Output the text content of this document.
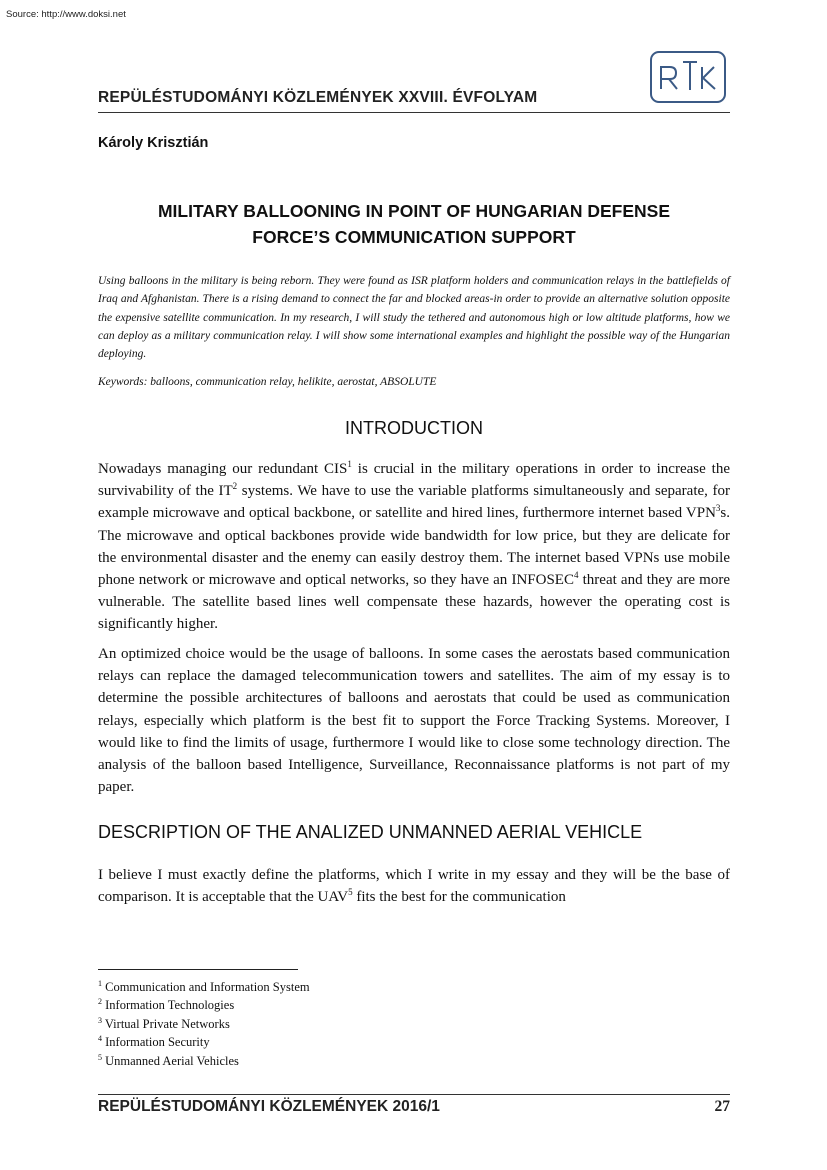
Source: http://www.doksi.net
REPÜLÉSTUDOMÁNYI KÖZLEMÉNYEK XXVIII. ÉVFOLYAM
Károly Krisztián
MILITARY BALLOONING IN POINT OF HUNGARIAN DEFENSE
FORCE’S COMMUNICATION SUPPORT
Using balloons in the military is being reborn. They were found as ISR platform holders and communication relays in the battlefields of Iraq and Afghanistan. There is a rising demand to connect the far and blocked areas-in order to provide an alternative solution opposite the expensive satellite communication. In my research, I will study the tethered and autonomous high or low altitude platforms, how we can deploy as a military communication relay. I will show some international examples and highlight the possible way of the Hungarian deploying.
Keywords: balloons, communication relay, helikite, aerostat, ABSOLUTE
INTRODUCTION
Nowadays managing our redundant CIS$^1$ is crucial in the military operations in order to increase the survivability of the $IT^2$ systems. We have to use the variable platforms simultaneously and separate, for example microwave and optical backbone, or satellite and hired lines, furthermore internet based VPN$^3$s. The microwave and optical backbones provide wide bandwidth for low price, but they are delicate for the environmental disaster and the enemy can easily destroy them. The internet based VPNs use mobile phone network or microwave and optical networks, so they have an INFOSEC$^4$ threat and they are more vulnerable. The satellite based lines well compensate these hazards, however the operating cost is significantly higher.
An optimized choice would be the usage of balloons. In some cases the aerostats based communication relays can replace the damaged telecommunication towers and satellites. The aim of my essay is to determine the possible architectures of balloons and aerostats that could be used as communication relays, especially which platform is the best fit to support the Force Tracking Systems. Moreover, I would like to find the limits of usage, furthermore I would like to close some technology direction. The analysis of the balloon based Intelligence, Surveillance, Reconnaissance platforms is not part of my paper.
DESCRIPTION OF THE ANALIZED UNMANNED AERIAL VEHICLE
I believe I must exactly define the platforms, which I write in my essay and they will be the base of comparison. It is acceptable that the UAV$^5$ fits the best for the communication
$^1$ Communication and Information System
$^2$ Information Technologies
$^3$ Virtual Private Networks
$^4$ Information Security
$^5$ Unmanned Aerial Vehicles
REPÜLÉSTUDOMÁNYI KÖZLEMÉNYEK 2016/1	27
